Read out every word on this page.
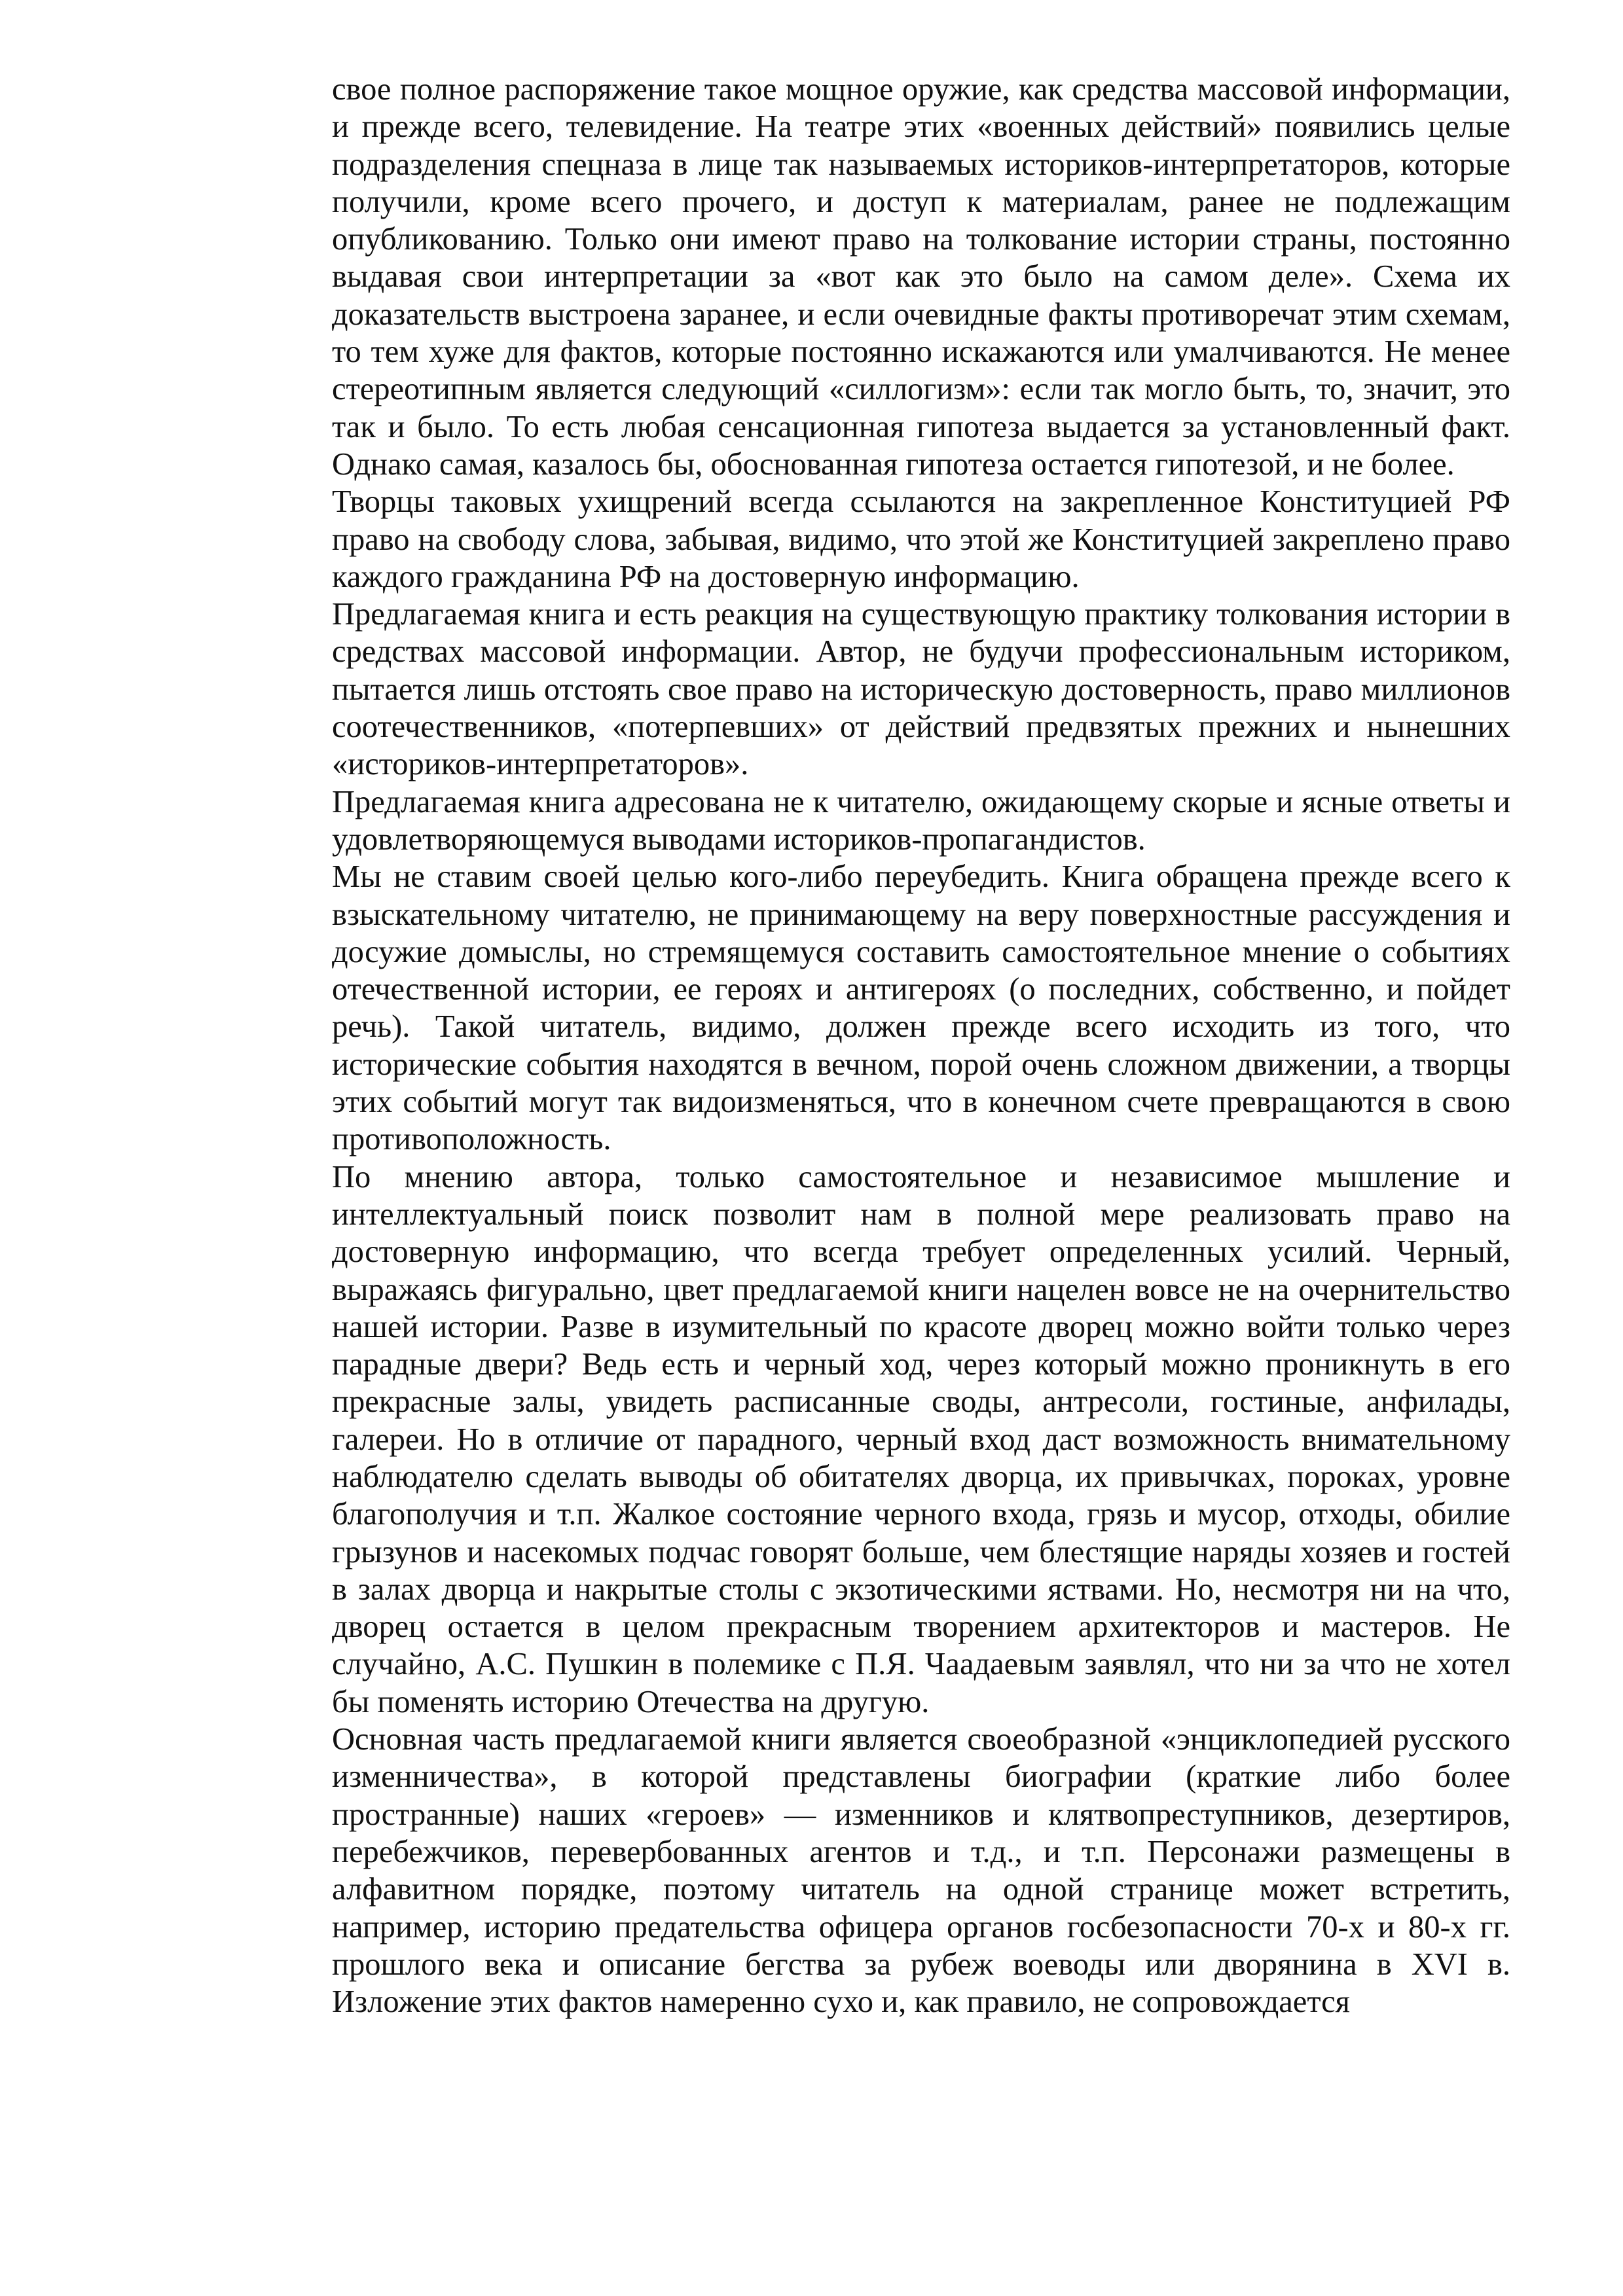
свое полное распоряжение такое мощное оружие, как средства массовой информации, и прежде всего, телевидение. На театре этих «военных действий» появились целые подразделения спецназа в лице так называемых историков-интерпретаторов, которые получили, кроме всего прочего, и доступ к материалам, ранее не подлежащим опубликованию. Только они имеют право на толкование истории страны, постоянно выдавая свои интерпретации за «вот как это было на самом деле». Схема их доказательств выстроена заранее, и если очевидные факты противоречат этим схемам, то тем хуже для фактов, которые постоянно искажаются или умалчиваются. Не менее стереотипным является следующий «силлогизм»: если так могло быть, то, значит, это так и было. То есть любая сенсационная гипотеза выдается за установленный факт. Однако самая, казалось бы, обоснованная гипотеза остается гипотезой, и не более.

Творцы таковых ухищрений всегда ссылаются на закрепленное Конституцией РФ право на свободу слова, забывая, видимо, что этой же Конституцией закреплено право каждого гражданина РФ на достоверную информацию.

Предлагаемая книга и есть реакция на существующую практику толкования истории в средствах массовой информации. Автор, не будучи профессиональным историком, пытается лишь отстоять свое право на историческую достоверность, право миллионов соотечественников, «потерпевших» от действий предвзятых прежних и нынешних «историков-интерпретаторов».

Предлагаемая книга адресована не к читателю, ожидающему скорые и ясные ответы и удовлетворяющемуся выводами историков-пропагандистов.

Мы не ставим своей целью кого-либо переубедить. Книга обращена прежде всего к взыскательному читателю, не принимающему на веру поверхностные рассуждения и досужие домыслы, но стремящемуся составить самостоятельное мнение о событиях отечественной истории, ее героях и антигероях (о последних, собственно, и пойдет речь). Такой читатель, видимо, должен прежде всего исходить из того, что исторические события находятся в вечном, порой очень сложном движении, а творцы этих событий могут так видоизменяться, что в конечном счете превращаются в свою противоположность.

По мнению автора, только самостоятельное и независимое мышление и интеллектуальный поиск позволит нам в полной мере реализовать право на достоверную информацию, что всегда требует определенных усилий. Черный, выражаясь фигурально, цвет предлагаемой книги нацелен вовсе не на очернительство нашей истории. Разве в изумительный по красоте дворец можно войти только через парадные двери? Ведь есть и черный ход, через который можно проникнуть в его прекрасные залы, увидеть расписанные своды, антресоли, гостиные, анфилады, галереи. Но в отличие от парадного, черный вход даст возможность внимательному наблюдателю сделать выводы об обитателях дворца, их привычках, пороках, уровне благополучия и т.п. Жалкое состояние черного входа, грязь и мусор, отходы, обилие грызунов и насекомых подчас говорят больше, чем блестящие наряды хозяев и гостей в залах дворца и накрытые столы с экзотическими яствами. Но, несмотря ни на что, дворец остается в целом прекрасным творением архитекторов и мастеров. Не случайно, А.С. Пушкин в полемике с П.Я. Чаадаевым заявлял, что ни за что не хотел бы поменять историю Отечества на другую.

Основная часть предлагаемой книги является своеобразной «энциклопедией русского изменничества», в которой представлены биографии (краткие либо более пространные) наших «героев» — изменников и клятвопреступников, дезертиров, перебежчиков, перевербованных агентов и т.д., и т.п. Персонажи размещены в алфавитном порядке, поэтому читатель на одной странице может встретить, например, историю предательства офицера органов госбезопасности 70-х и 80-х гг. прошлого века и описание бегства за рубеж воеводы или дворянина в XVI в. Изложение этих фактов намеренно сухо и, как правило, не сопровождается
